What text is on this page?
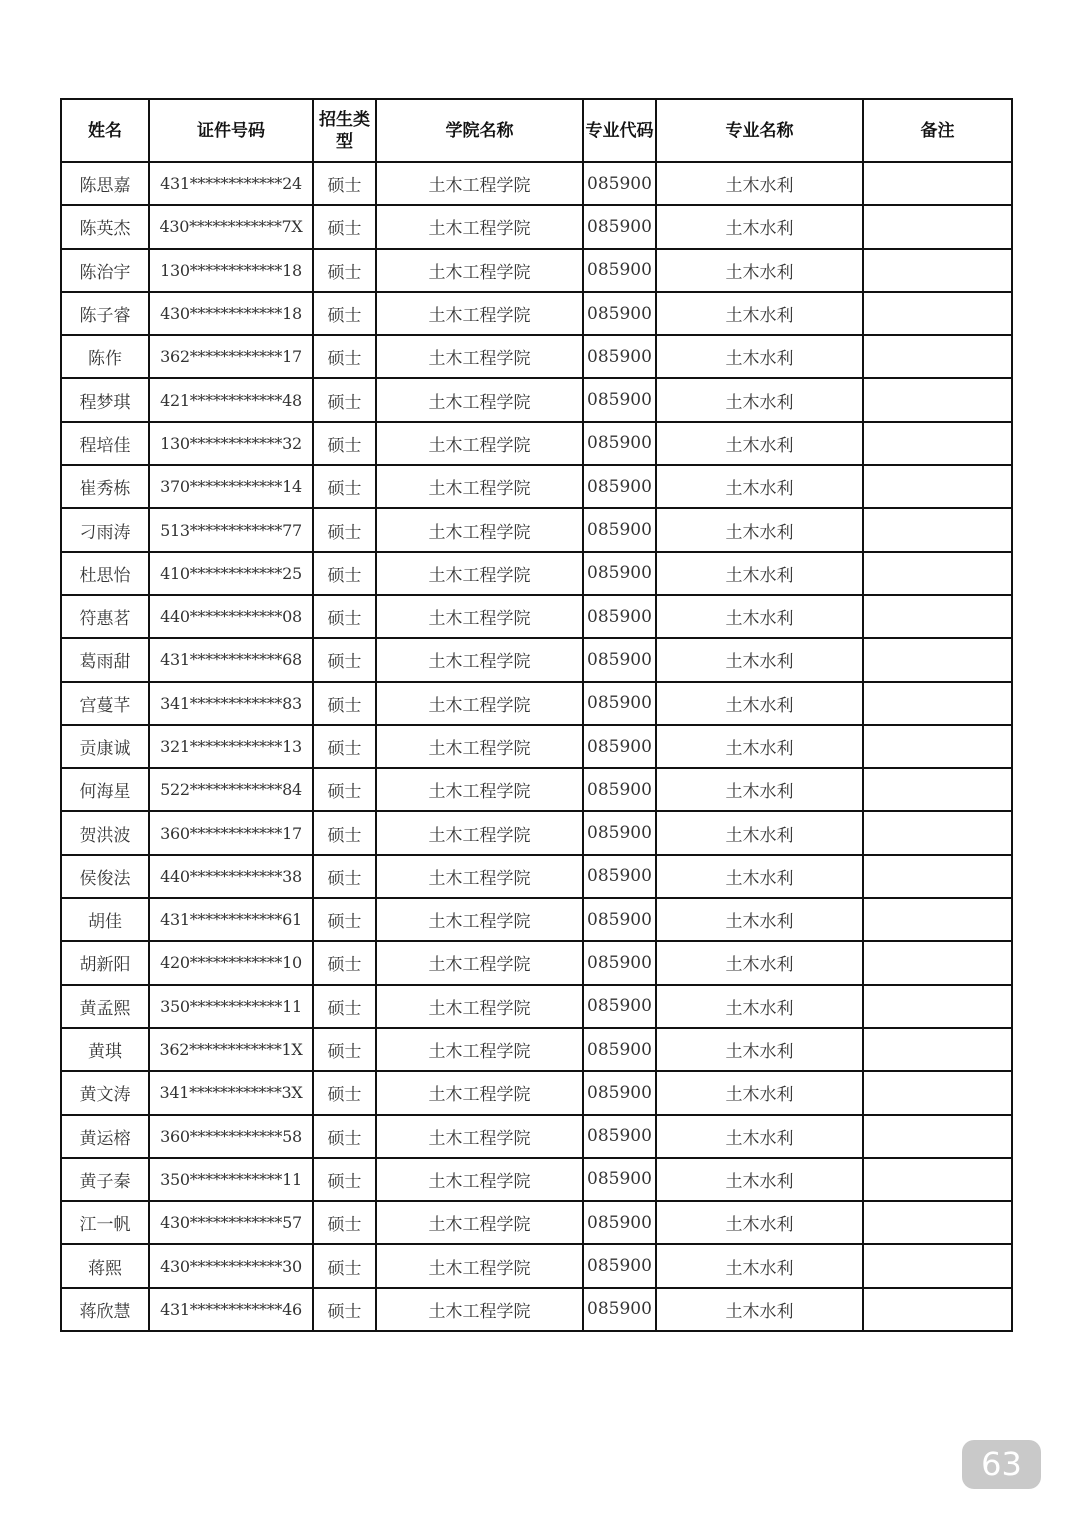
姓名	证件号码	招生类型	学院名称	专业代码	专业名称	备注
陈思嘉	431************24	硕士	土木工程学院	085900	土木水利	
陈英杰	430************7X	硕士	土木工程学院	085900	土木水利	
陈治宇	130************18	硕士	土木工程学院	085900	土木水利	
陈子睿	430************18	硕士	土木工程学院	085900	土木水利	
陈作	362************17	硕士	土木工程学院	085900	土木水利	
程梦琪	421************48	硕士	土木工程学院	085900	土木水利	
程培佳	130************32	硕士	土木工程学院	085900	土木水利	
崔秀栋	370************14	硕士	土木工程学院	085900	土木水利	
刁雨涛	513************77	硕士	土木工程学院	085900	土木水利	
杜思怡	410************25	硕士	土木工程学院	085900	土木水利	
符惠茗	440************08	硕士	土木工程学院	085900	土木水利	
葛雨甜	431************68	硕士	土木工程学院	085900	土木水利	
宫蔓芊	341************83	硕士	土木工程学院	085900	土木水利	
贡康诚	321************13	硕士	土木工程学院	085900	土木水利	
何海星	522************84	硕士	土木工程学院	085900	土木水利	
贺洪波	360************17	硕士	土木工程学院	085900	土木水利	
侯俊法	440************38	硕士	土木工程学院	085900	土木水利	
胡佳	431************61	硕士	土木工程学院	085900	土木水利	
胡新阳	420************10	硕士	土木工程学院	085900	土木水利	
黄孟熙	350************11	硕士	土木工程学院	085900	土木水利	
黄琪	362************1X	硕士	土木工程学院	085900	土木水利	
黄文涛	341************3X	硕士	土木工程学院	085900	土木水利	
黄运榕	360************58	硕士	土木工程学院	085900	土木水利	
黄子秦	350************11	硕士	土木工程学院	085900	土木水利	
江一帆	430************57	硕士	土木工程学院	085900	土木水利	
蒋熙	430************30	硕士	土木工程学院	085900	土木水利	
蒋欣慧	431************46	硕士	土木工程学院	085900	土木水利	
63
